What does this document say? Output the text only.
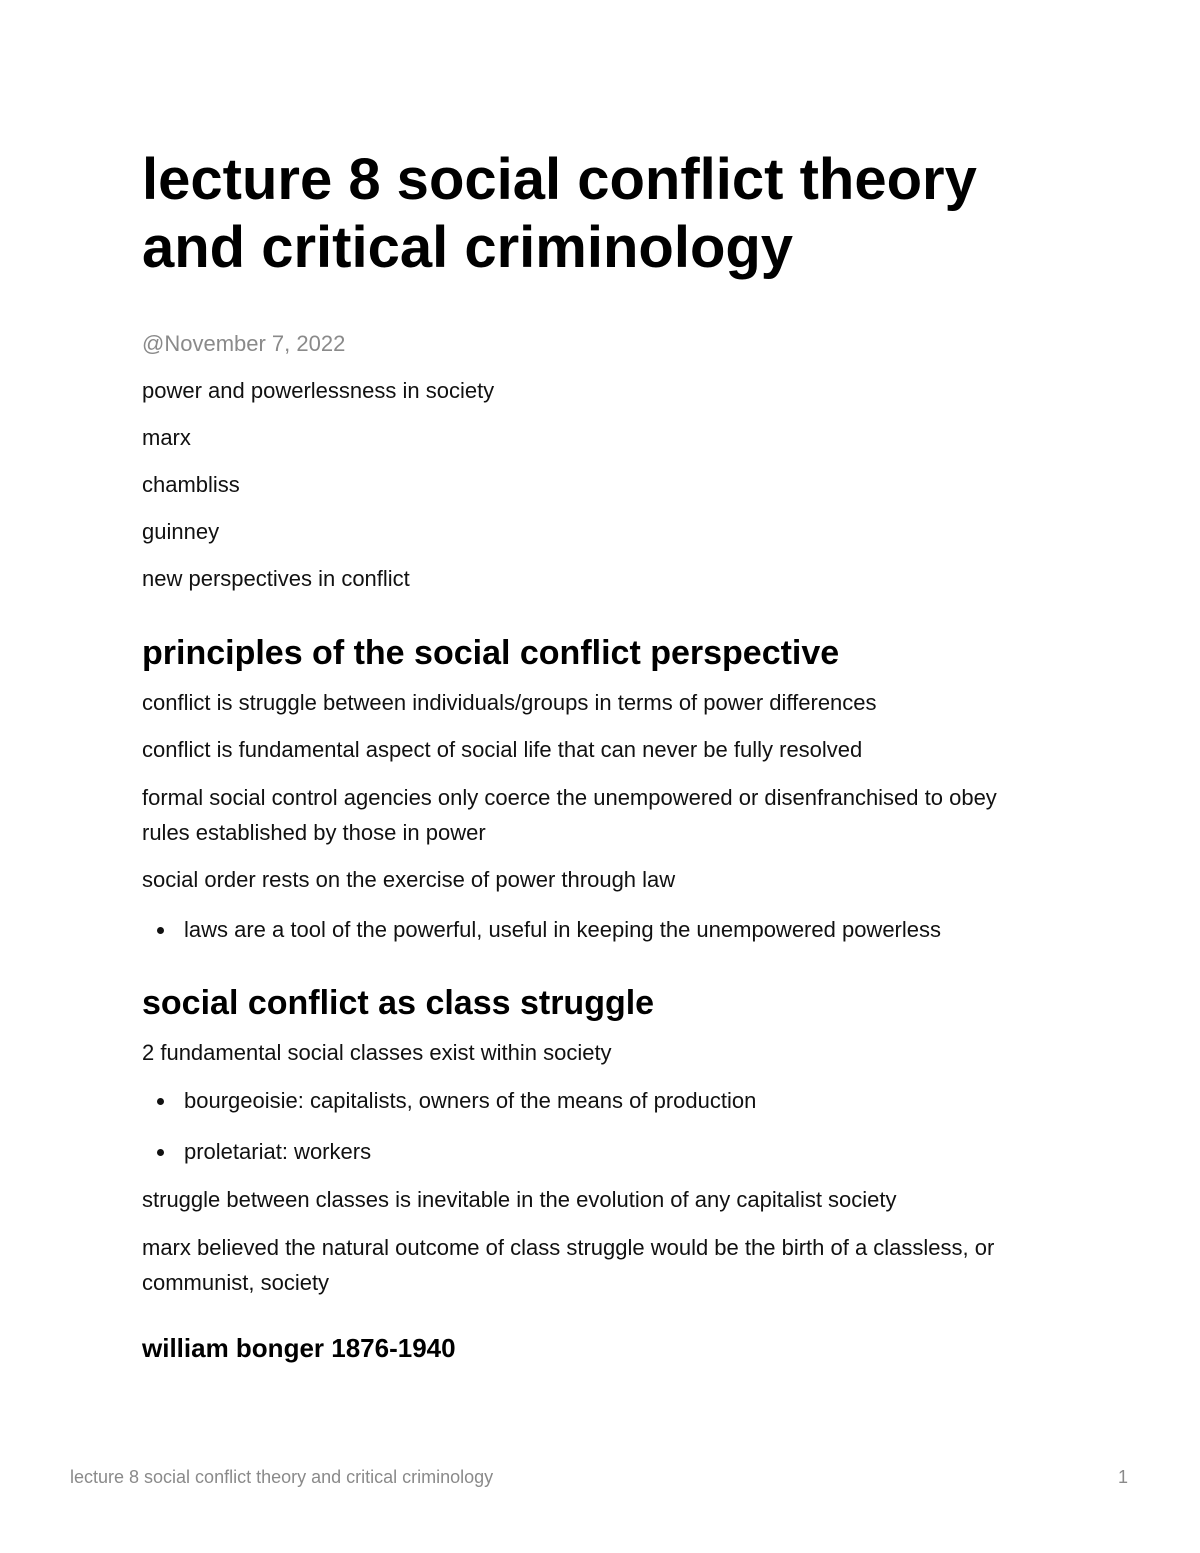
lecture 8 social conflict theory and critical criminology

@November 7, 2022

power and powerlessness in society

marx

chambliss

guinney

new perspectives in conflict

principles of the social conflict perspective

conflict is struggle between individuals/groups in terms of power differences

conflict is fundamental aspect of social life that can never be fully resolved

formal social control agencies only coerce the unempowered or disenfranchised to obey

rules established by those in power

social order rests on the exercise of power through law

laws are a tool of the powerful, useful in keeping the unempowered powerless
social conflict as class struggle

2 fundamental social classes exist within society

bourgeoisie: capitalists, owners of the means of production
proletariat: workers

struggle between classes is inevitable in the evolution of any capitalist society

marx believed the natural outcome of class struggle would be the birth of a classless, or

communist, society

william bonger 1876-1940
lecture 8 social conflict theory and critical criminology	1
